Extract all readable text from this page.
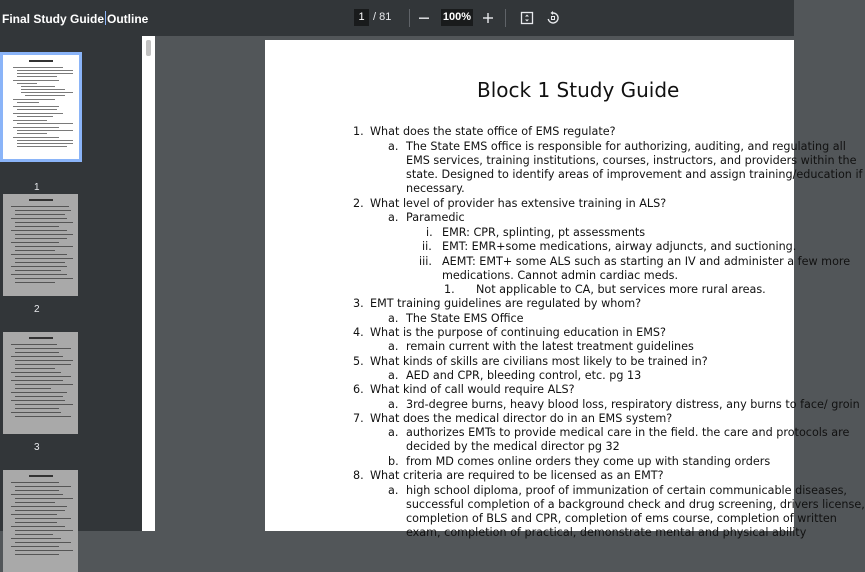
Final Study Guide Outline	1 / 81	100%
1
2
3
Block 1 Study Guide
1. What does the state office of EMS regulate?
a. The State EMS office is responsible for authorizing, auditing, and regulating all
EMS services, training institutions, courses, instructors, and providers within the
state. Designed to identify areas of improvement and assign training/education if
necessary.
2. What level of provider has extensive training in ALS?
a. Paramedic
i. EMR: CPR, splinting, pt assessments
ii. EMT: EMR+some medications, airway adjuncts, and suctioning.
iii. AEMT: EMT+ some ALS such as starting an IV and administer a few more
medications. Cannot admin cardiac meds.
1. Not applicable to CA, but services more rural areas.
3. EMT training guidelines are regulated by whom?
a. The State EMS Office
4. What is the purpose of continuing education in EMS?
a. remain current with the latest treatment guidelines
5. What kinds of skills are civilians most likely to be trained in?
a. AED and CPR, bleeding control, etc. pg 13
6. What kind of call would require ALS?
a. 3rd-degree burns, heavy blood loss, respiratory distress, any burns to face/ groin
7. What does the medical director do in an EMS system?
a. authorizes EMTs to provide medical care in the field. the care and protocols are
decided by the medical director pg 32
b. from MD comes online orders they come up with standing orders
8. What criteria are required to be licensed as an EMT?
a. high school diploma, proof of immunization of certain communicable diseases,
successful completion of a background check and drug screening, drivers license,
completion of BLS and CPR, completion of ems course, completion of written
exam, completion of practical, demonstrate mental and physical ability
